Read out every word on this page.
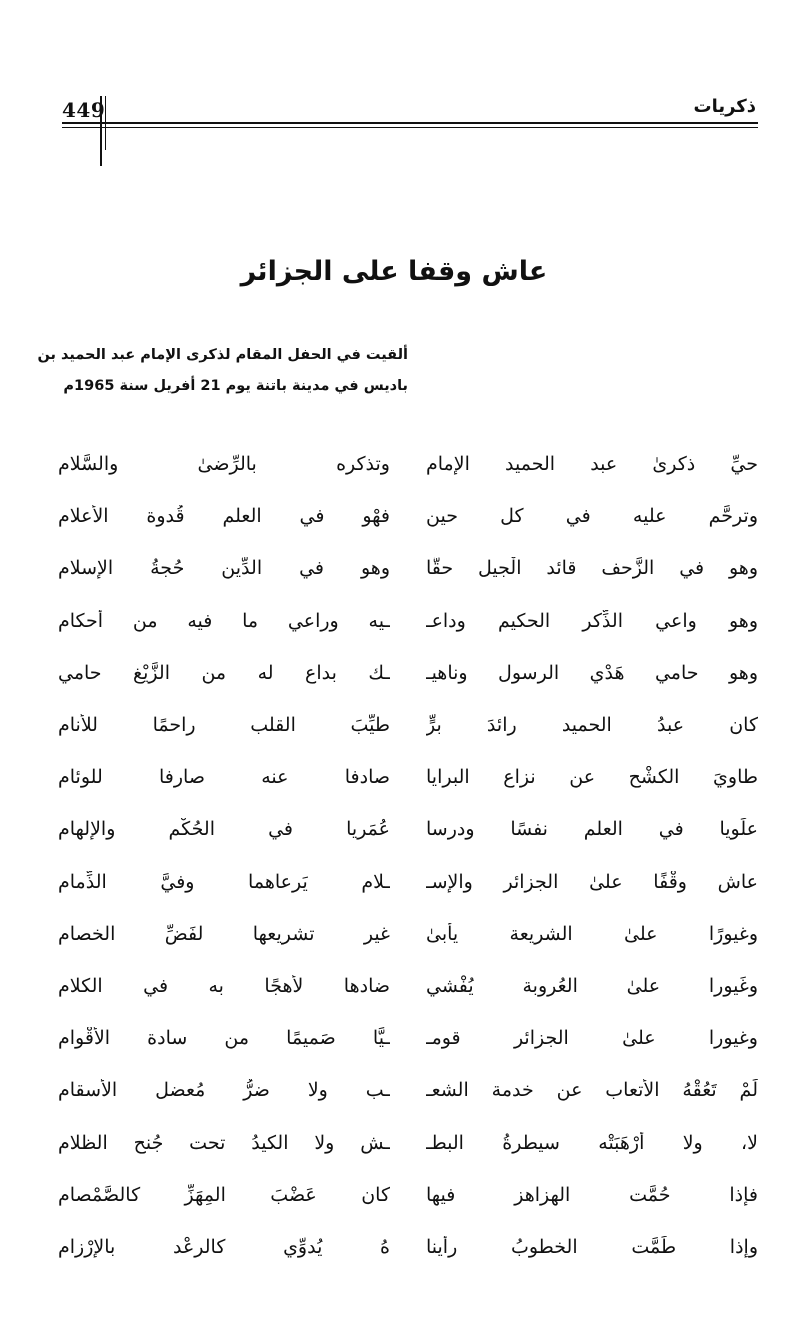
449	ذكريات
عاش وقفا على الجزائر
ألقيت في الحفل المقام لذكرى الإمام عبد الحميد بن
باديس في مدينة باتنة يوم 21 أفريل سنة 1965م
حيِّ ذكرىٰ عبد الحميد الإمام
وتذكره بالرِّضىٰ والسَّلام
وترحَّم عليه في كل حين
فهْو في العلم قُدوة الأعلام
وهو في الزَّحف قائد الْجيل حقًّا
وهو في الدِّين حُجةُ الإسلام
وهو واعي الذِّكر الحكيم وداعـ
ـيه وراعي ما فيه من أحكام
وهو حامي هَدْي الرسول وناهيـ
ـك بداع له من الزَّيْغ حامي
كان عبدُ الحميد رائدَ برٍّ
طيِّبَ القلب راحمًا للأنام
طاويَ الكشْح عن نزاع البرايا
صادفا عنه صارفا للوئام
علَويا في العلم نفسًا ودرسا
عُمَريا في الحُكْم والإلهام
عاش وقْفًا علىٰ الجزائر والإسـ
ـلام يَرعاهما وفيَّ الذِّمام
وغيورًا علىٰ الشريعة يأبىٰ
غير تشريعها لفَضِّ الخصام
وغَيورا علىٰ العُروبة يُفْشي
ضادها لأهجًا به في الكلام
وغيورا علىٰ الجزائر قومـ
ـيًّا صَميمًا من سادة الأقْوام
لَمْ تَعُقْهُ الأتعاب عن خدمة الشعـ
ـب ولا ضرُّ مُعضل الأسقام
لا، ولا أرْهَبَتْه سيطرةُ البطـ
ـش ولا الكيدُ تحت جُنح الظلام
فإذا حُمَّت الهزاهز فيها
كان عَضْبَ المِهَزِّ كالصَّمْصام
وإذا طَمَّت الخطوبُ رأينا
هُ يُدوِّي كالرعْد بالإرْزام
